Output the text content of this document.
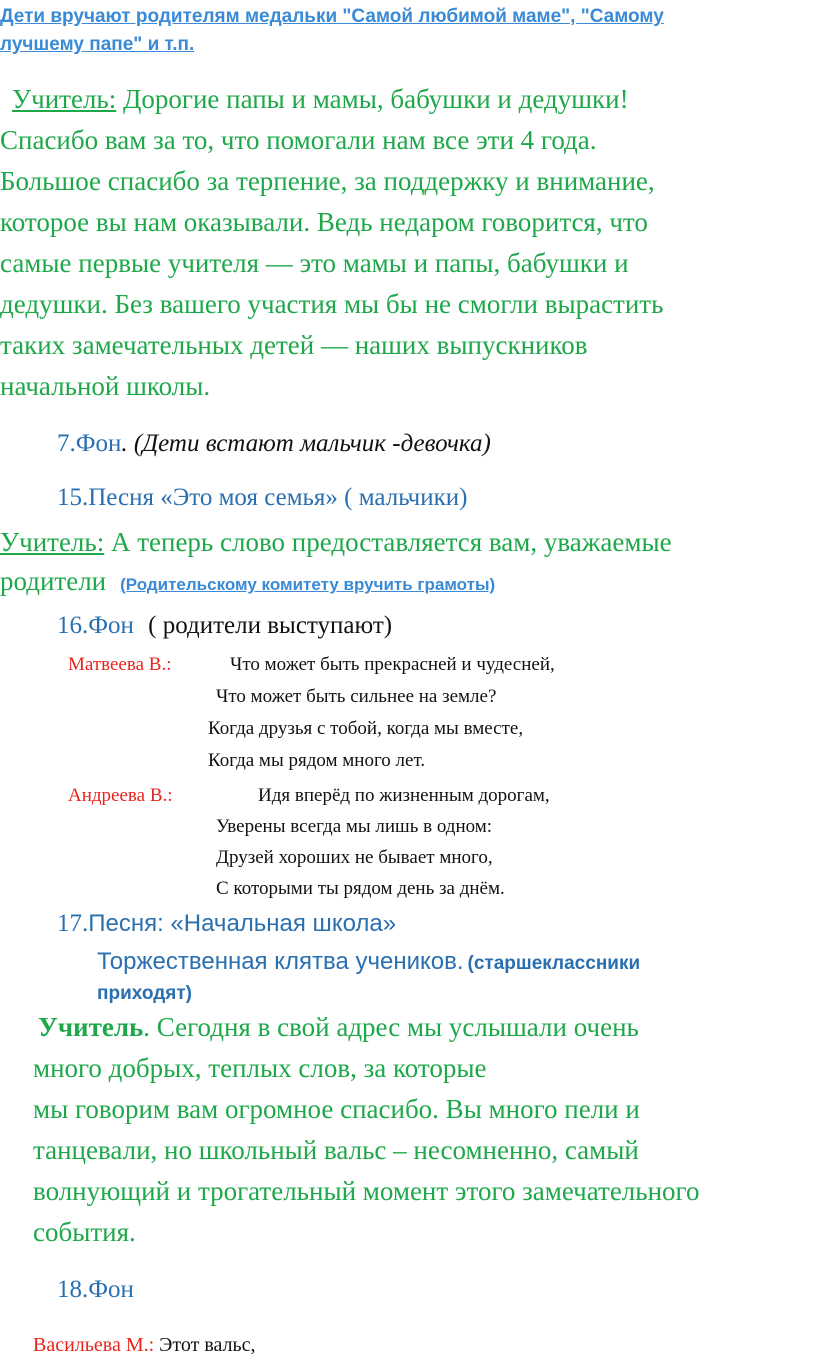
Дети вручают родителям медальки "Самой любимой маме", "Самому
лучшему папе" и т.п.
Учитель: Дорогие папы и мамы, бабушки и дедушки!
Спасибо вам за то, что помогали нам все эти 4 года.
Большое спасибо за терпение, за поддержку и внимание,
которое вы нам оказывали. Ведь недаром говорится, что
самые первые учителя — это мамы и папы, бабушки и
дедушки. Без вашего участия мы бы не смогли вырастить
таких замечательных детей — наших выпускников
начальной школы.
7.Фон. (Дети встают мальчик -девочка)
15.Песня «Это моя семья» ( мальчики)
Учитель: А теперь слово предоставляется вам, уважаемые
родители (Родительскому комитету вручить грамоты)
16.Фон ( родители выступают)
Матвеева В.:	Что может быть прекрасней и чудесней,
Что может быть сильнее на земле?
Когда друзья с тобой, когда мы вместе,
Когда мы рядом много лет.
Андреева В.:	Идя вперёд по жизненным дорогам,
Уверены всегда мы лишь в одном:
Друзей хороших не бывает много,
С которыми ты рядом день за днём.
17.Песня: «Начальная школа»
Торжественная клятва учеников. (старшеклассники
приходят)
Учитель. Сегодня в свой адрес мы услышали очень
много добрых, теплых слов, за которые
мы говорим вам огромное спасибо. Вы много пели и
танцевали, но школьный вальс – несомненно, самый
волнующий и трогательный момент этого замечательного
события.
18.Фон
Васильева М.: Этот вальс,
